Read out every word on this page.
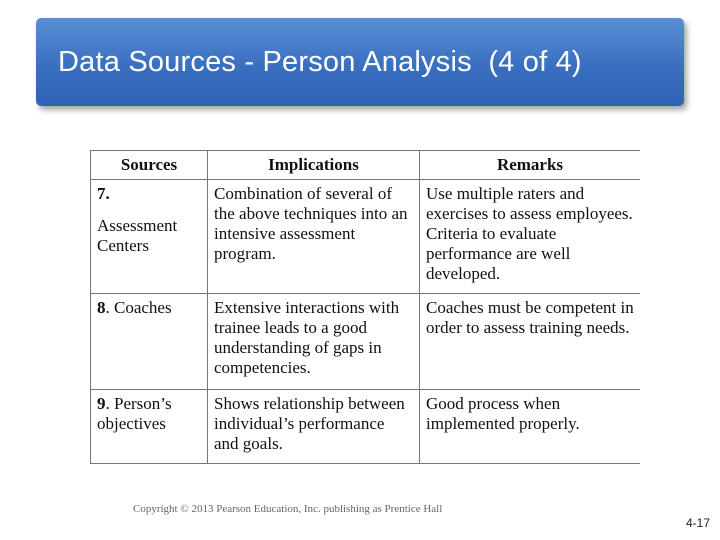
Data Sources - Person Analysis  (4 of 4)
Sources	Implications	Remarks

7.
Assessment Centers	Combination of several of the above techniques into an intensive assessment program.	Use multiple raters and exercises to assess employees. Criteria to evaluate performance are well developed.
8. Coaches	Extensive interactions with trainee leads to a good understanding of gaps in competencies.	Coaches must be competent in order to assess training needs.
9. Person’s objectives	Shows relationship between individual’s performance and goals.	Good process when implemented properly.
Copyright © 2013 Pearson Education, Inc. publishing as Prentice Hall
4-17
